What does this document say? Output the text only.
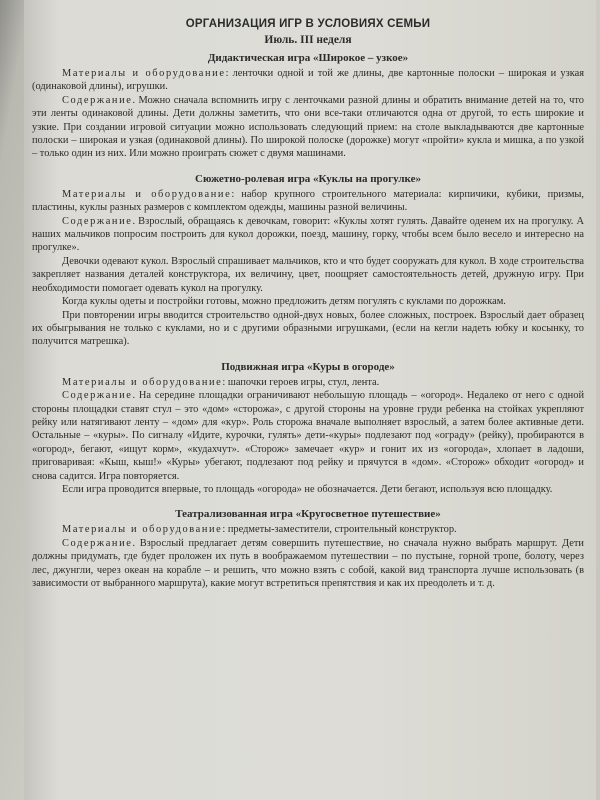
ОРГАНИЗАЦИЯ ИГР В УСЛОВИЯХ СЕМЬИ
Июль. III неделя
Дидактическая игра «Широкое – узкое»

Материалы и оборудование: ленточки одной и той же длины, две картонные полоски – широкая и узкая (одинаковой длины), игрушки.

Содержание. Можно сначала вспомнить игру с ленточками разной длины и обратить внимание детей на то, что эти ленты одинаковой длины. Дети должны заметить, что они все-таки отличаются одна от другой, то есть широкие и узкие. При создании игровой ситуации можно использовать следующий прием: на столе выкладываются две картонные полоски – широкая и узкая (одинаковой длины). По широкой полоске (дорожке) могут «пройти» кукла и мишка, а по узкой – только один из них. Или можно проиграть сюжет с двумя машинами.

Сюжетно-ролевая игра «Куклы на прогулке»

Материалы и оборудование: набор крупного строительного материала: кирпичики, кубики, призмы, пластины, куклы разных размеров с комплектом одежды, машины разной величины.

Содержание. Взрослый, обращаясь к девочкам, говорит: «Куклы хотят гулять. Давайте оденем их на прогулку. А наших мальчиков попросим построить для кукол дорожки, поезд, машину, горку, чтобы всем было весело и интересно на прогулке».

Девочки одевают кукол. Взрослый спрашивает мальчиков, кто и что будет сооружать для кукол. В ходе строительства закрепляет названия деталей конструктора, их величину, цвет, поощряет самостоятельность детей, дружную игру. При необходимости помогает одевать кукол на прогулку.

Когда куклы одеты и постройки готовы, можно предложить детям погулять с куклами по дорожкам.

При повторении игры вводится строительство одной-двух новых, более сложных, построек. Взрослый дает образец их обыгрывания не только с куклами, но и с другими образными игрушками, (если на кегли надеть юбку и косынку, то получится матрешка).

Подвижная игра «Куры в огороде»

Материалы и оборудование: шапочки героев игры, стул, лента.

Содержание. На середине площадки ограничивают небольшую площадь – «огород». Недалеко от него с одной стороны площадки ставят стул – это «дом» «сторожа», с другой стороны на уровне груди ребенка на стойках укрепляют рейку или натягивают ленту – «дом» для «кур». Роль сторожа вначале выполняет взрослый, а затем более активные дети. Остальные – «куры». По сигналу «Идите, курочки, гулять» дети-«куры» подлезают под «ограду» (рейку), пробираются в «огород», бегают, «ищут корм», «кудахчут». «Сторож» замечает «кур» и гонит их из «огорода», хлопает в ладоши, приговаривая: «Кыш, кыш!» «Куры» убегают, подлезают под рейку и прячутся в «дом». «Сторож» обходит «огород» и снова садится. Игра повторяется.

Если игра проводится впервые, то площадь «огорода» не обозначается. Дети бегают, используя всю площадку.

Театрализованная игра «Кругосветное путешествие»

Материалы и оборудование: предметы-заместители, строительный конструктор.

Содержание. Взрослый предлагает детям совершить путешествие, но сначала нужно выбрать маршрут. Дети должны придумать, где будет проложен их путь в воображаемом путешествии – по пустыне, горной тропе, болоту, через лес, джунгли, через океан на корабле – и решить, что можно взять с собой, какой вид транспорта лучше использовать (в зависимости от выбранного маршрута), какие могут встретиться препятствия и как их преодолеть и т. д.
